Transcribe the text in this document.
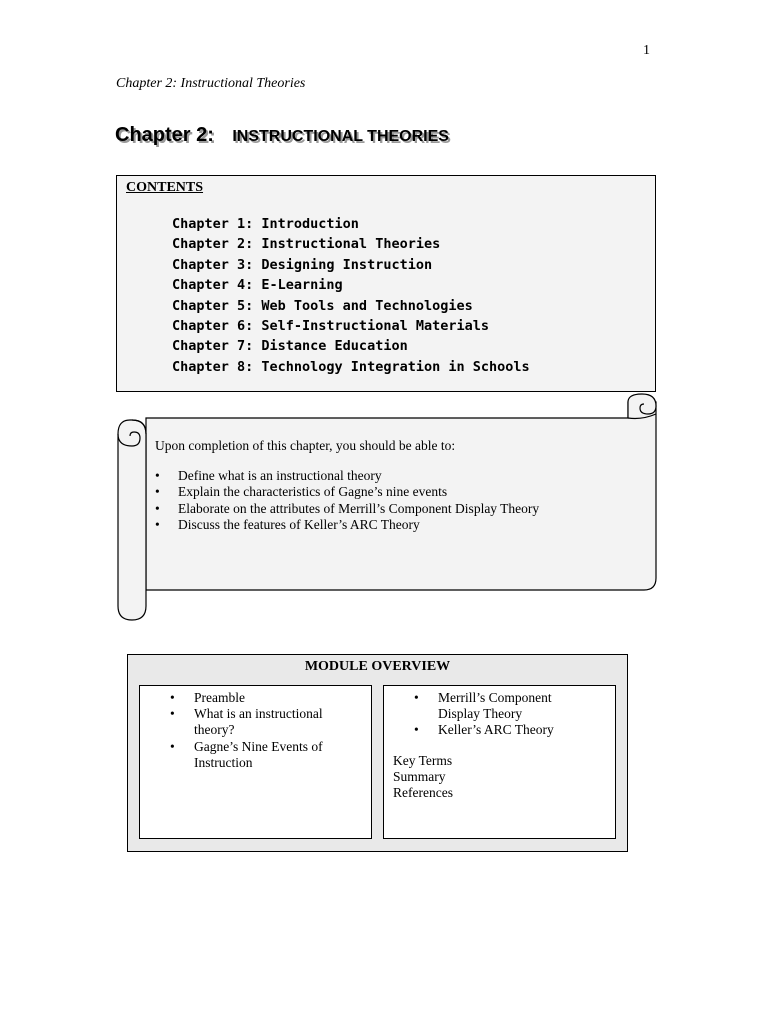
1
Chapter 2: Instructional Theories
Chapter 2: INSTRUCTIONAL THEORIES
CONTENTS
Chapter 1: Introduction
Chapter 2: Instructional Theories
Chapter 3: Designing Instruction
Chapter 4: E-Learning
Chapter 5: Web Tools and Technologies
Chapter 6: Self-Instructional Materials
Chapter 7: Distance Education
Chapter 8: Technology Integration in Schools
Upon completion of this chapter, you should be able to:
•	Define what is an instructional theory
•	Explain the characteristics of Gagne’s nine events
•	Elaborate on the attributes of Merrill’s Component Display Theory
•	Discuss the features of Keller’s ARC Theory
MODULE OVERVIEW
•	Preamble
•	What is an instructional
theory?
•	Gagne’s Nine Events of
Instruction
•	Merrill’s Component
Display Theory
•	Keller’s ARC Theory
Key Terms
Summary
References
